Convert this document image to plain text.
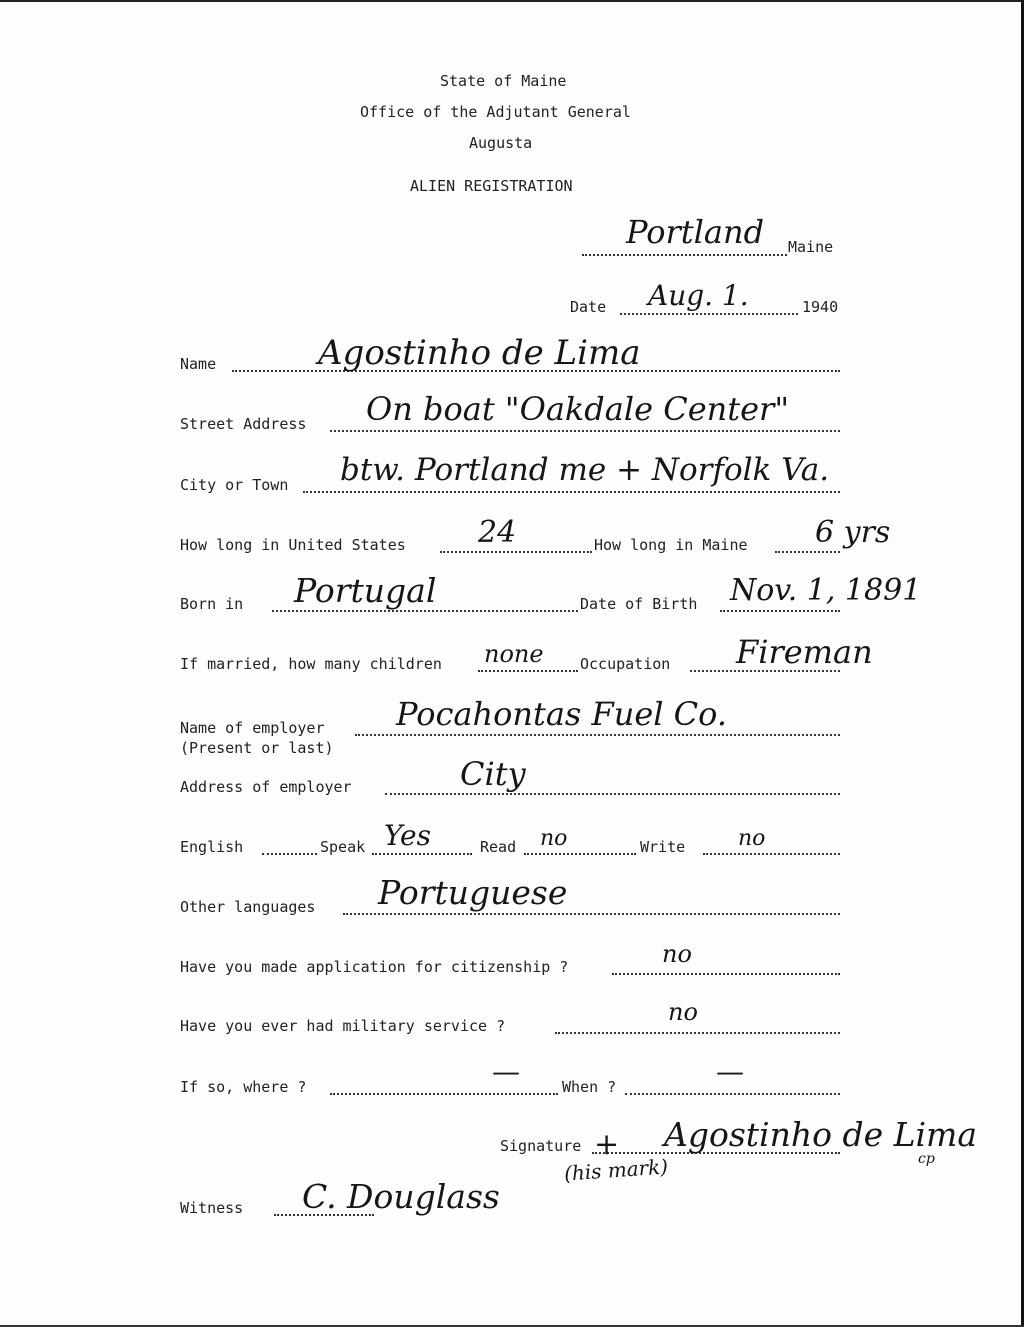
State of Maine
Office of the Adjutant General
Augusta
ALIEN REGISTRATION
Portland Maine
Date Aug. 1.	1940
Name	Agostinho de Lima
Street Address On boat "Oakdale Center"
City or Town btw. Portland me + Norfolk Va.
How long in United States 24	How long in Maine 6 yrs
Born in Portugal	Date of Birth Nov. 1, 1891
If married, how many children none Occupation Fireman
Name of employer
(Present or last)
Pocahontas Fuel Co.
Address of employer	City
English	Speak Yes	Read no	Write no
Other languages Portuguese
Have you made application for citizenship ?	no
Have you ever had military service ?	no
If so, where ?	—	When ?	—
Signature + Agostinho de Lima
cp
(his mark)
Witness C. Douglass
